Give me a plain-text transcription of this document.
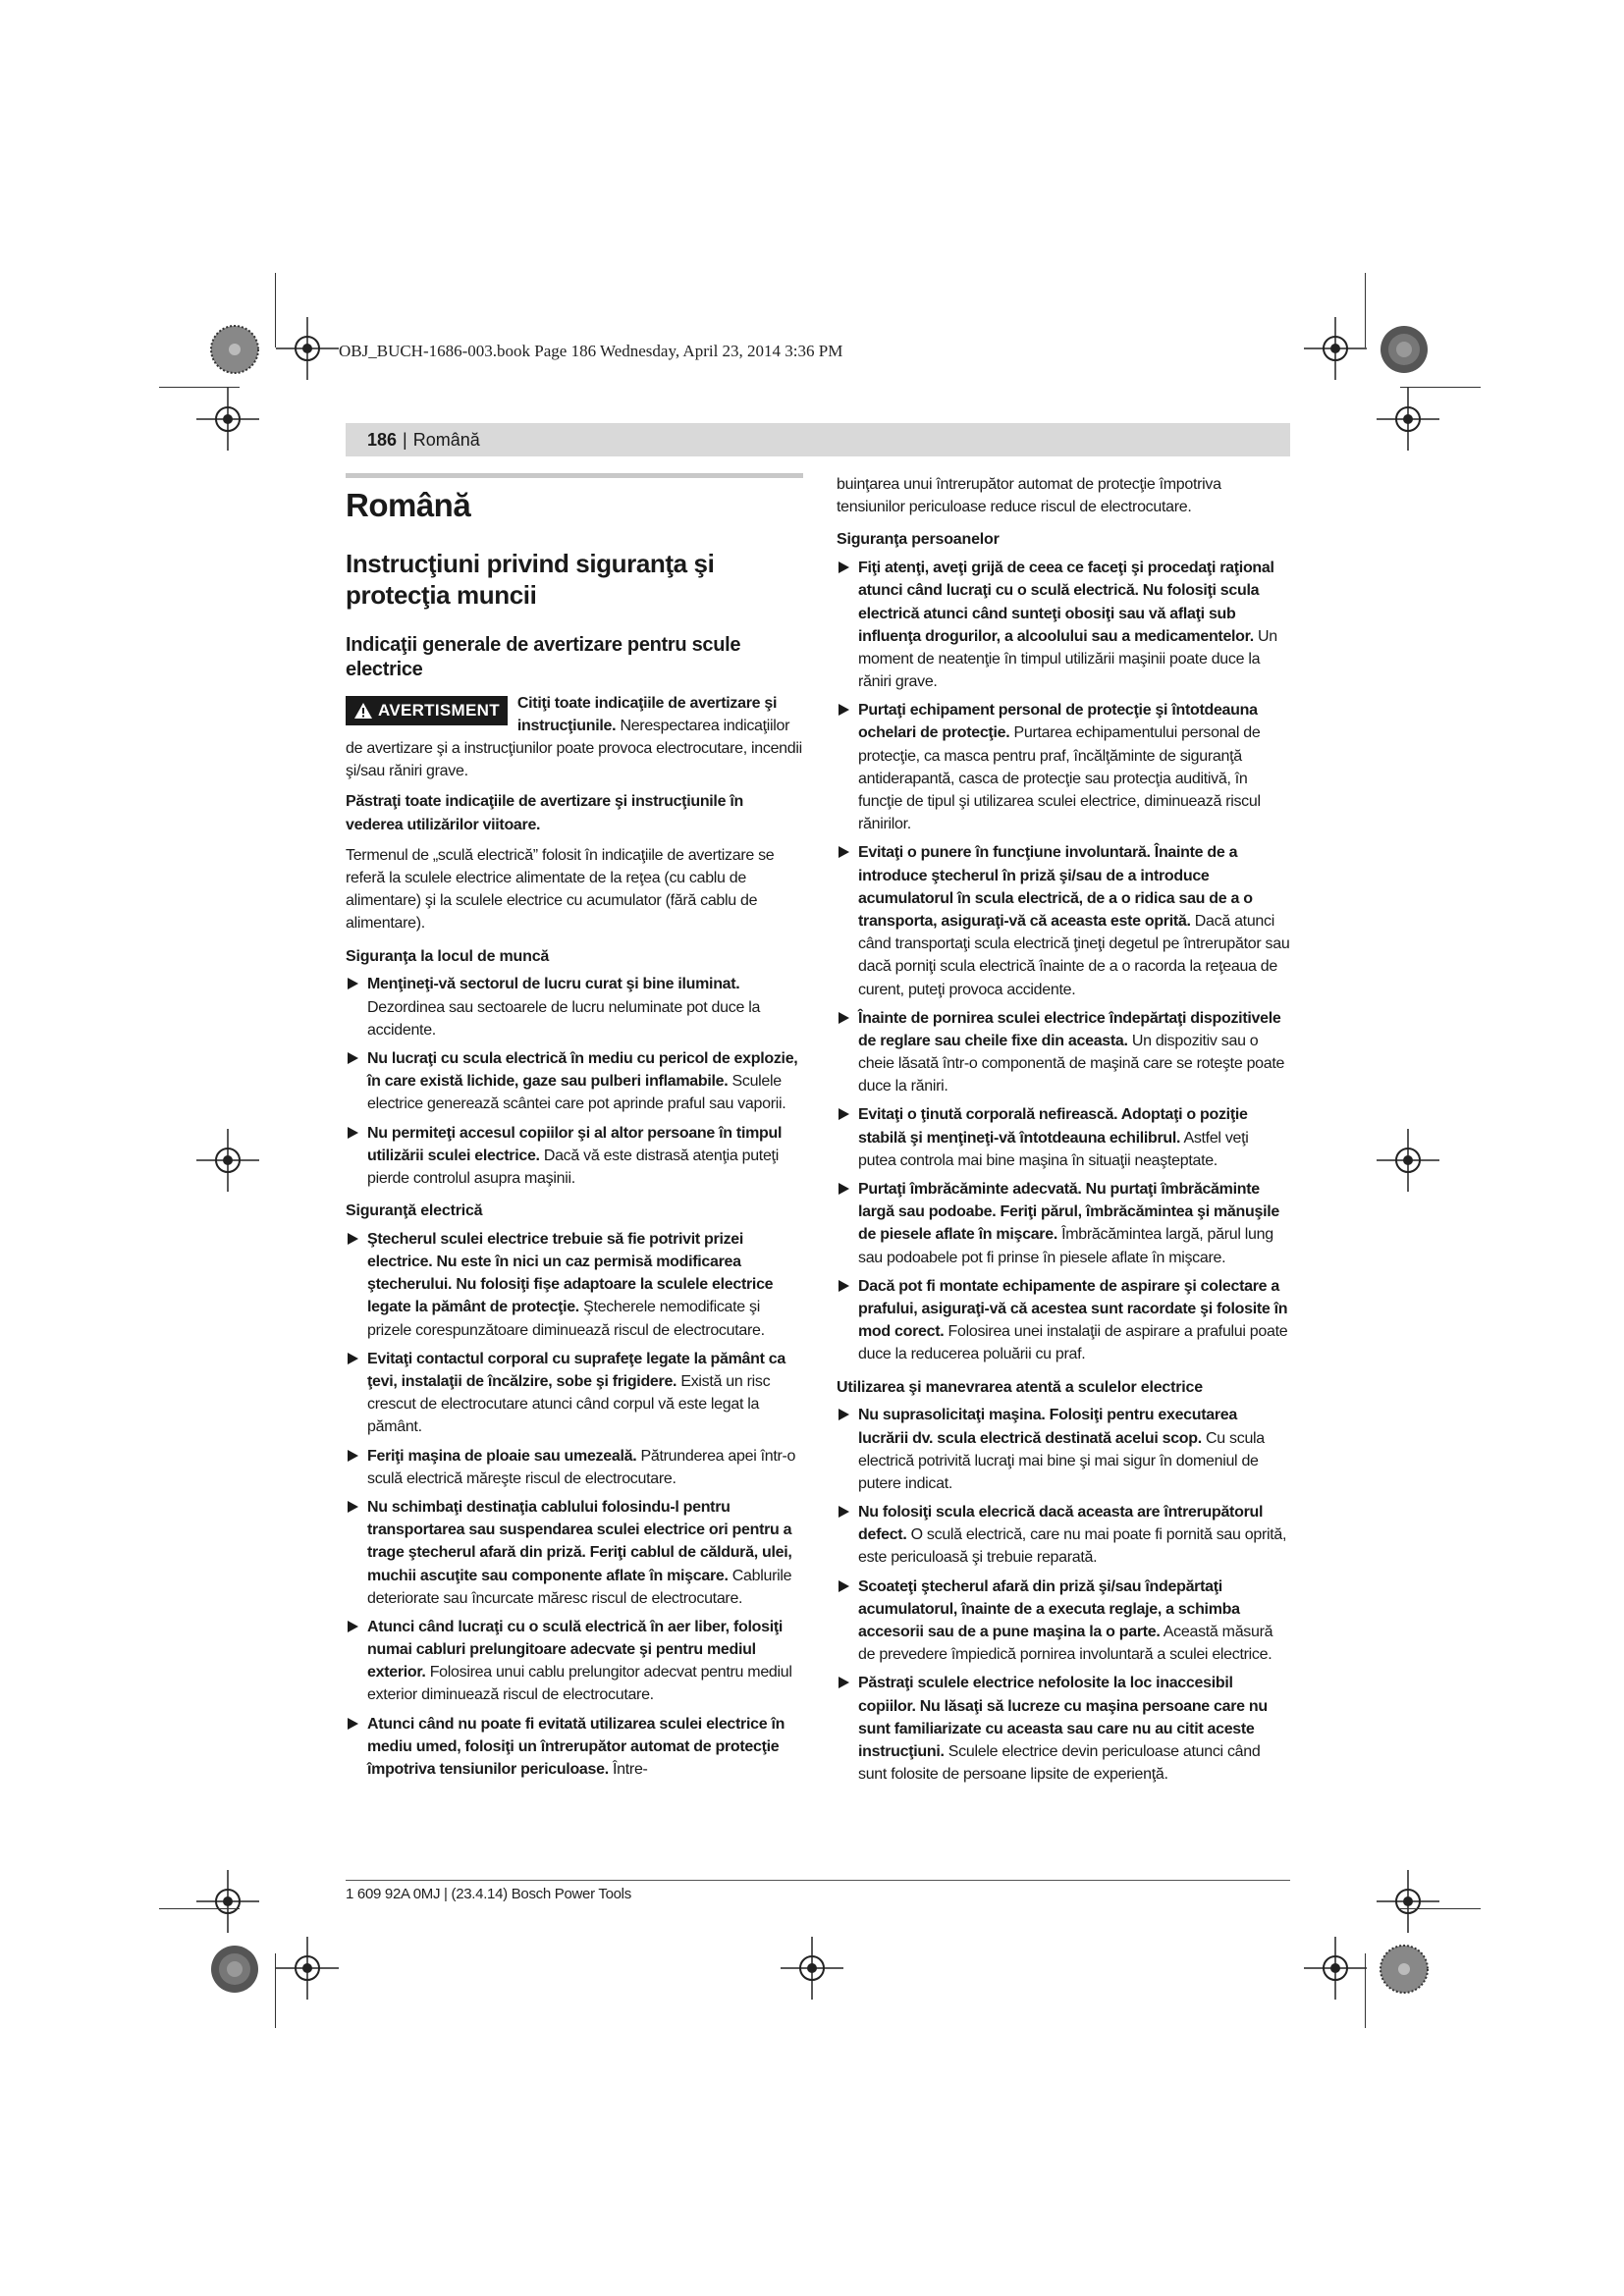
OBJ_BUCH-1686-003.book Page 186 Wednesday, April 23, 2014 3:36 PM
186 | Română
Română
Instrucţiuni privind siguranţa şi protecţia muncii
Indicaţii generale de avertizare pentru scule electrice

AVERTISMENT Citiţi toate indicaţiile de avertizare şi instrucţiunile. Nerespectarea indicaţiilor de avertizare şi a instrucţiunilor poate provoca electrocutare, incendii şi/sau răniri grave.

Păstraţi toate indicaţiile de avertizare şi instrucţiunile în vederea utilizărilor viitoare.

Termenul de „sculă electrică” folosit în indicaţiile de avertizare se referă la sculele electrice alimentate de la reţea (cu cablu de alimentare) şi la sculele electrice cu acumulator (fără cablu de alimentare).

Siguranţa la locul de muncă
Menţineţi-vă sectorul de lucru curat şi bine iluminat. Dezordinea sau sectoarele de lucru neluminate pot duce la accidente.
Nu lucraţi cu scula electrică în mediu cu pericol de explozie, în care există lichide, gaze sau pulberi inflamabile. Sculele electrice generează scântei care pot aprinde praful sau vaporii.
Nu permiteţi accesul copiilor şi al altor persoane în timpul utilizării sculei electrice. Dacă vă este distrasă atenţia puteţi pierde controlul asupra maşinii.
Siguranţă electrică
Ştecherul sculei electrice trebuie să fie potrivit prizei electrice. Nu este în nici un caz permisă modificarea ştecherului. Nu folosiţi fişe adaptoare la sculele electrice legate la pământ de protecţie. Ştecherele nemodificate şi prizele corespunzătoare diminuează riscul de electrocutare.
Evitaţi contactul corporal cu suprafeţe legate la pământ ca ţevi, instalaţii de încălzire, sobe şi frigidere. Există un risc crescut de electrocutare atunci când corpul vă este legat la pământ.
Feriţi maşina de ploaie sau umezeală. Pătrunderea apei într-o sculă electrică măreşte riscul de electrocutare.
Nu schimbaţi destinaţia cablului folosindu-l pentru transportarea sau suspendarea sculei electrice ori pentru a trage ştecherul afară din priză. Feriţi cablul de căldură, ulei, muchii ascuţite sau componente aflate în mişcare. Cablurile deteriorate sau încurcate măresc riscul de electrocutare.
Atunci când lucraţi cu o sculă electrică în aer liber, folosiţi numai cabluri prelungitoare adecvate şi pentru mediul exterior. Folosirea unui cablu prelungitor adecvat pentru mediul exterior diminuează riscul de electrocutare.
Atunci când nu poate fi evitată utilizarea sculei electrice în mediu umed, folosiţi un întrerupător automat de protecţie împotriva tensiunilor periculoase. Între-

buinţarea unui întrerupător automat de protecţie împotriva tensiunilor periculoase reduce riscul de electrocutare.

Siguranţa persoanelor
Fiţi atenţi, aveţi grijă de ceea ce faceţi şi procedaţi raţional atunci când lucraţi cu o sculă electrică. Nu folosiţi scula electrică atunci când sunteţi obosiţi sau vă aflaţi sub influenţa drogurilor, a alcoolului sau a medicamentelor. Un moment de neatenţie în timpul utilizării maşinii poate duce la răniri grave.
Purtaţi echipament personal de protecţie şi întotdeauna ochelari de protecţie. Purtarea echipamentului personal de protecţie, ca masca pentru praf, încălţăminte de siguranţă antiderapantă, casca de protecţie sau protecţia auditivă, în funcţie de tipul şi utilizarea sculei electrice, diminuează riscul rănirilor.
Evitaţi o punere în funcţiune involuntară. Înainte de a introduce ştecherul în priză şi/sau de a introduce acumulatorul în scula electrică, de a o ridica sau de a o transporta, asiguraţi-vă că aceasta este oprită. Dacă atunci când transportaţi scula electrică ţineţi degetul pe întrerupător sau dacă porniţi scula electrică înainte de a o racorda la reţeaua de curent, puteţi provoca accidente.
Înainte de pornirea sculei electrice îndepărtaţi dispozitivele de reglare sau cheile fixe din aceasta. Un dispozitiv sau o cheie lăsată într-o componentă de maşină care se roteşte poate duce la răniri.
Evitaţi o ţinută corporală nefirească. Adoptaţi o poziţie stabilă şi menţineţi-vă întotdeauna echilibrul. Astfel veţi putea controla mai bine maşina în situaţii neaşteptate.
Purtaţi îmbrăcăminte adecvată. Nu purtaţi îmbrăcăminte largă sau podoabe. Feriţi părul, îmbrăcămintea şi mănuşile de piesele aflate în mişcare. Îmbrăcămintea largă, părul lung sau podoabele pot fi prinse în piesele aflate în mişcare.
Dacă pot fi montate echipamente de aspirare şi colectare a prafului, asiguraţi-vă că acestea sunt racordate şi folosite în mod corect. Folosirea unei instalaţii de aspirare a prafului poate duce la reducerea poluării cu praf.
Utilizarea şi manevrarea atentă a sculelor electrice
Nu suprasolicitaţi maşina. Folosiţi pentru executarea lucrării dv. scula electrică destinată acelui scop. Cu scula electrică potrivită lucraţi mai bine şi mai sigur în domeniul de putere indicat.
Nu folosiţi scula elecrică dacă aceasta are întrerupătorul defect. O sculă electrică, care nu mai poate fi pornită sau oprită, este periculoasă şi trebuie reparată.
Scoateţi ştecherul afară din priză şi/sau îndepărtaţi acumulatorul, înainte de a executa reglaje, a schimba accesorii sau de a pune maşina la o parte. Această măsură de prevedere împiedică pornirea involuntară a sculei electrice.
Păstraţi sculele electrice nefolosite la loc inaccesibil copiilor. Nu lăsaţi să lucreze cu maşina persoane care nu sunt familiarizate cu aceasta sau care nu au citit aceste instrucţiuni. Sculele electrice devin periculoase atunci când sunt folosite de persoane lipsite de experienţă.
1 609 92A 0MJ | (23.4.14) Bosch Power Tools
